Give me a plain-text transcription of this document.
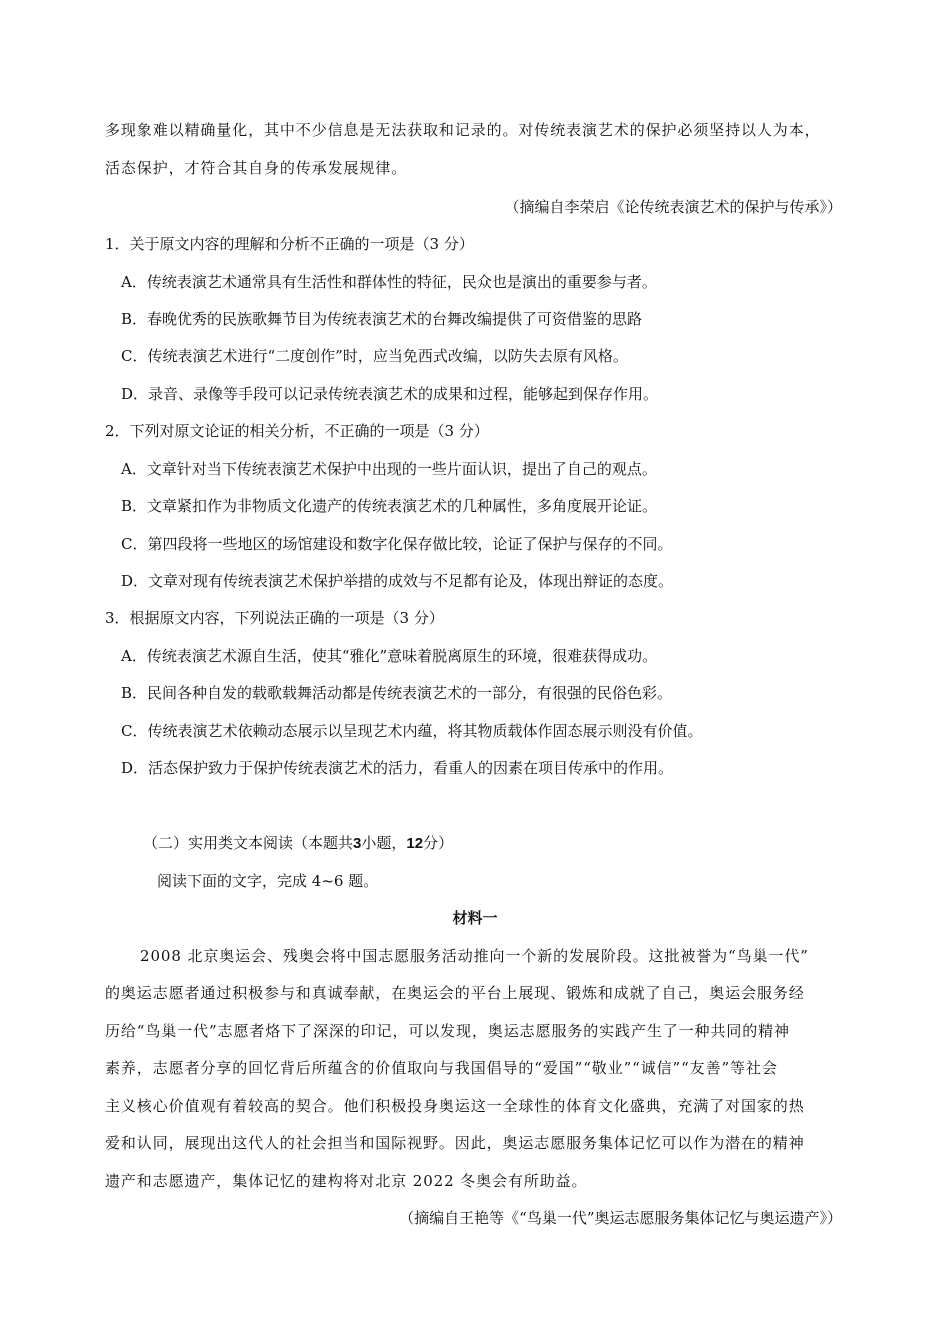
多现象难以精确量化，其中不少信息是无法获取和记录的。对传统表演艺术的保护必须坚持以人为本，
活态保护，才符合其自身的传承发展规律。
（摘编自李荣启《论传统表演艺术的保护与传承》）
1．关于原文内容的理解和分析不正确的一项是（3 分）
A．传统表演艺术通常具有生活性和群体性的特征，民众也是演出的重要参与者。
B．春晚优秀的民族歌舞节目为传统表演艺术的台舞改编提供了可资借鉴的思路
C．传统表演艺术进行“二度创作”时，应当免西式改编，以防失去原有风格。
D．录音、录像等手段可以记录传统表演艺术的成果和过程，能够起到保存作用。
2．下列对原文论证的相关分析，不正确的一项是（3 分）
A．文章针对当下传统表演艺术保护中出现的一些片面认识，提出了自己的观点。
B．文章紧扣作为非物质文化遗产的传统表演艺术的几种属性，多角度展开论证。
C．第四段将一些地区的场馆建设和数字化保存做比较，论证了保护与保存的不同。
D．文章对现有传统表演艺术保护举措的成效与不足都有论及，体现出辩证的态度。
3．根据原文内容，下列说法正确的一项是（3 分）
A．传统表演艺术源自生活，使其“雅化”意味着脱离原生的环境，很难获得成功。
B．民间各种自发的载歌载舞活动都是传统表演艺术的一部分，有很强的民俗色彩。
C．传统表演艺术依赖动态展示以呈现艺术内蕴，将其物质载体作固态展示则没有价值。
D．活态保护致力于保护传统表演艺术的活力，看重人的因素在项目传承中的作用。
（二）实用类文本阅读（本题共3小题，12分）
阅读下面的文字，完成 4~6 题。
材料一
2008 北京奥运会、残奥会将中国志愿服务活动推向一个新的发展阶段。这批被誉为“鸟巢一代”
的奥运志愿者通过积极参与和真诚奉献，在奥运会的平台上展现、锻炼和成就了自己，奥运会服务经
历给“鸟巢一代”志愿者烙下了深深的印记，可以发现，奥运志愿服务的实践产生了一种共同的精神
素养，志愿者分享的回忆背后所蕴含的价值取向与我国倡导的“爱国”“敬业”“诚信”“友善”等社会
主义核心价值观有着较高的契合。他们积极投身奥运这一全球性的体育文化盛典，充满了对国家的热
爱和认同，展现出这代人的社会担当和国际视野。因此，奥运志愿服务集体记忆可以作为潜在的精神
遗产和志愿遗产，集体记忆的建构将对北京 2022 冬奥会有所助益。
（摘编自王艳等《“鸟巢一代”奥运志愿服务集体记忆与奥运遗产》）
